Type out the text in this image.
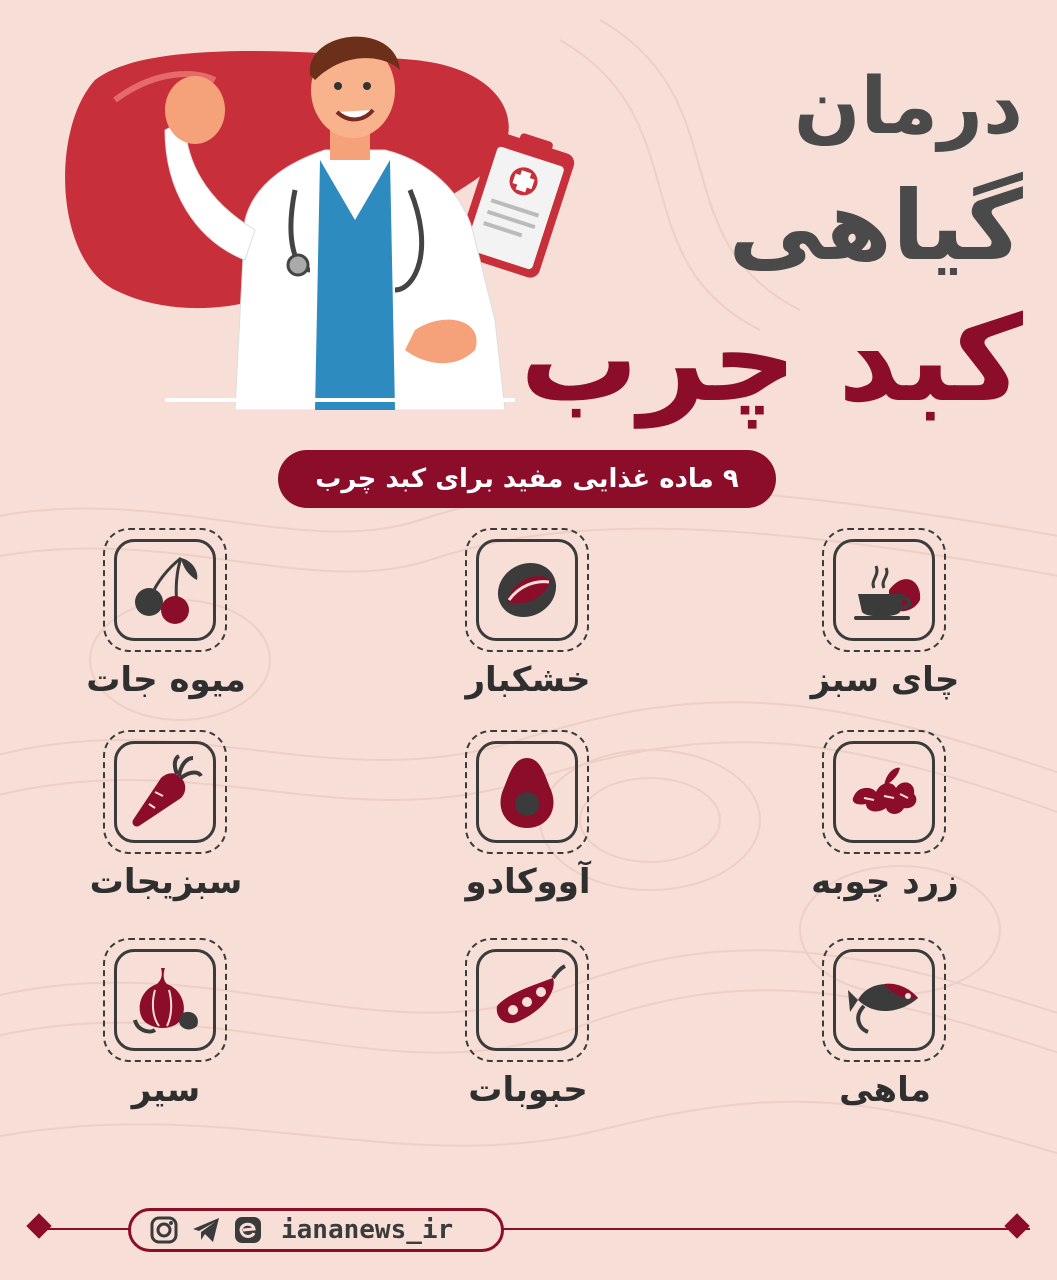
درمان
گیاهی
کبد چرب
۹ ماده غذایی مفید برای کبد چرب
چای سبز
خشکبار
میوه جات
زرد چوبه
آووکادو
سبزیجات
ماهی
حبوبات
سیر
iananews_ir
